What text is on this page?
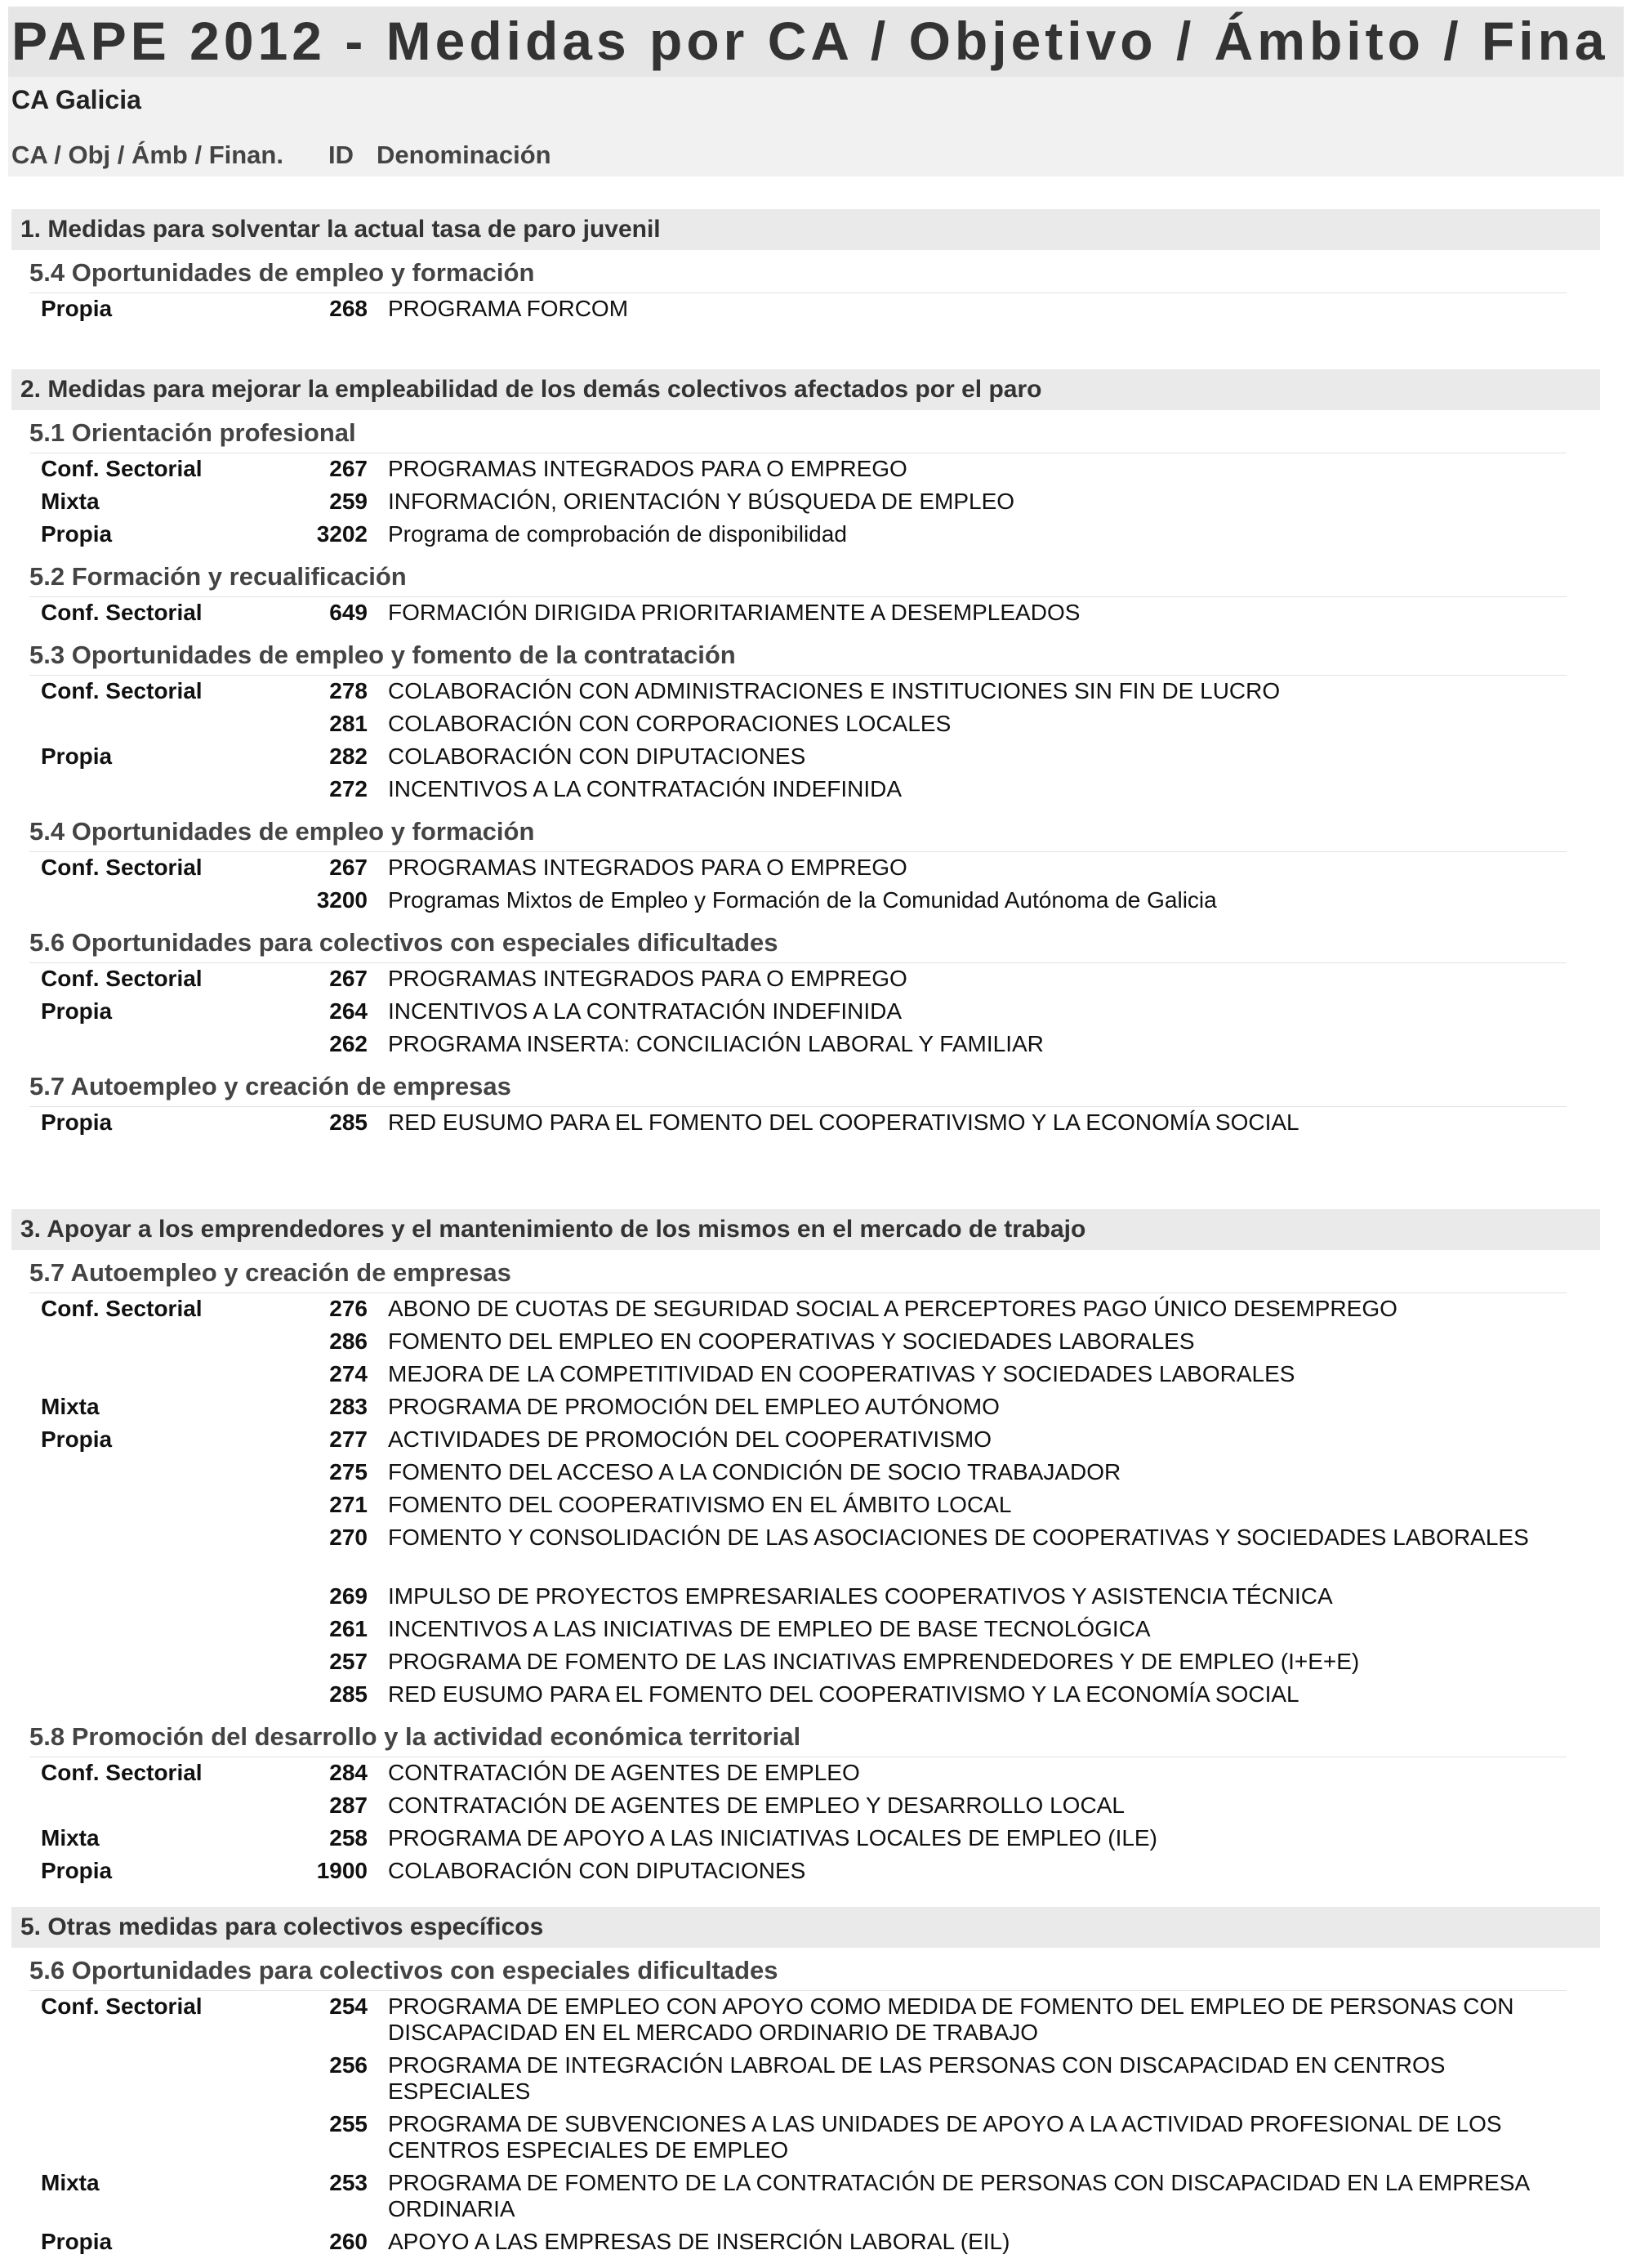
PAPE 2012 - Medidas por CA / Objetivo / Ámbito / Fina
CA Galicia
CA / Obj / Ámb / Finan. ID Denominación
1. Medidas para solventar la actual tasa de paro juvenil
5.4 Oportunidades de empleo y formación
Propia	268 PROGRAMA FORCOM
2. Medidas para mejorar la empleabilidad de los demás colectivos afectados por el paro
5.1 Orientación profesional
Conf. Sectorial	267 PROGRAMAS INTEGRADOS PARA O EMPREGO
Mixta	259 INFORMACIÓN, ORIENTACIÓN Y BÚSQUEDA DE EMPLEO
Propia	3202 Programa de comprobación de disponibilidad
5.2 Formación y recualificación
Conf. Sectorial	649 FORMACIÓN DIRIGIDA PRIORITARIAMENTE A DESEMPLEADOS
5.3 Oportunidades de empleo y fomento de la contratación
Conf. Sectorial	278 COLABORACIÓN CON ADMINISTRACIONES E INSTITUCIONES SIN FIN DE LUCRO
281 COLABORACIÓN CON CORPORACIONES LOCALES
Propia	282 COLABORACIÓN CON DIPUTACIONES
272 INCENTIVOS A LA CONTRATACIÓN INDEFINIDA
5.4 Oportunidades de empleo y formación
Conf. Sectorial	267 PROGRAMAS INTEGRADOS PARA O EMPREGO
3200 Programas Mixtos de Empleo y Formación de la Comunidad Autónoma de Galicia
5.6 Oportunidades para colectivos con especiales dificultades
Conf. Sectorial	267 PROGRAMAS INTEGRADOS PARA O EMPREGO
Propia	264 INCENTIVOS A LA CONTRATACIÓN INDEFINIDA
262 PROGRAMA INSERTA: CONCILIACIÓN LABORAL Y FAMILIAR
5.7 Autoempleo y creación de empresas
Propia	285 RED EUSUMO PARA EL FOMENTO DEL COOPERATIVISMO Y LA ECONOMÍA SOCIAL
3. Apoyar a los emprendedores y el mantenimiento de los mismos en el mercado de trabajo
5.7 Autoempleo y creación de empresas
Conf. Sectorial	276 ABONO DE CUOTAS DE SEGURIDAD SOCIAL A PERCEPTORES PAGO ÚNICO DESEMPREGO
286 FOMENTO DEL EMPLEO EN COOPERATIVAS Y SOCIEDADES LABORALES
274 MEJORA DE LA COMPETITIVIDAD EN COOPERATIVAS Y SOCIEDADES LABORALES
Mixta	283 PROGRAMA DE PROMOCIÓN DEL EMPLEO AUTÓNOMO
Propia	277 ACTIVIDADES DE PROMOCIÓN DEL COOPERATIVISMO
275 FOMENTO DEL ACCESO A LA CONDICIÓN DE SOCIO TRABAJADOR
271 FOMENTO DEL COOPERATIVISMO EN EL ÁMBITO LOCAL
270 FOMENTO Y CONSOLIDACIÓN DE LAS ASOCIACIONES DE COOPERATIVAS Y SOCIEDADES LABORALES
269 IMPULSO DE PROYECTOS EMPRESARIALES COOPERATIVOS Y ASISTENCIA TÉCNICA
261 INCENTIVOS A LAS INICIATIVAS DE EMPLEO DE BASE TECNOLÓGICA
257 PROGRAMA DE FOMENTO DE LAS INCIATIVAS EMPRENDEDORES Y DE EMPLEO (I+E+E)
285 RED EUSUMO PARA EL FOMENTO DEL COOPERATIVISMO Y LA ECONOMÍA SOCIAL
5.8 Promoción del desarrollo y la actividad económica territorial
Conf. Sectorial	284 CONTRATACIÓN DE AGENTES DE EMPLEO
287 CONTRATACIÓN DE AGENTES DE EMPLEO Y DESARROLLO LOCAL
Mixta	258 PROGRAMA DE APOYO A LAS INICIATIVAS LOCALES DE EMPLEO (ILE)
Propia	1900 COLABORACIÓN CON DIPUTACIONES
5. Otras medidas para colectivos específicos
5.6 Oportunidades para colectivos con especiales dificultades
Conf. Sectorial	254 PROGRAMA DE EMPLEO CON APOYO COMO MEDIDA DE FOMENTO DEL EMPLEO DE PERSONAS CON DISCAPACIDAD EN EL MERCADO ORDINARIO DE TRABAJO
256 PROGRAMA DE INTEGRACIÓN LABROAL DE LAS PERSONAS CON DISCAPACIDAD EN CENTROS ESPECIALES
255 PROGRAMA DE SUBVENCIONES A LAS UNIDADES DE APOYO A LA ACTIVIDAD PROFESIONAL DE LOS CENTROS ESPECIALES DE EMPLEO
Mixta	253 PROGRAMA DE FOMENTO DE LA CONTRATACIÓN DE PERSONAS CON DISCAPACIDAD EN LA EMPRESA ORDINARIA
Propia	260 APOYO A LAS EMPRESAS DE INSERCIÓN LABORAL (EIL)
